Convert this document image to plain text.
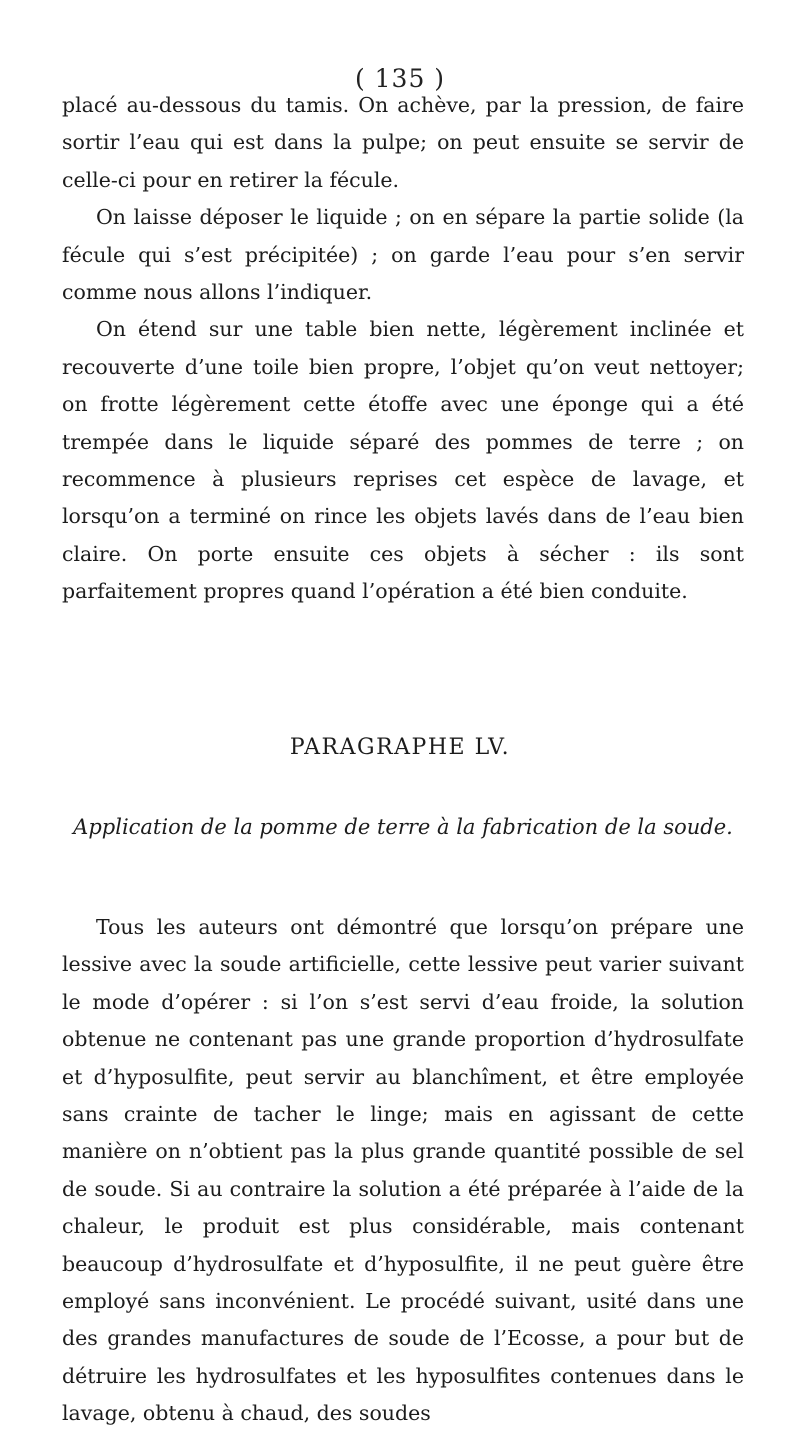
( 135 )

placé au-dessous du tamis. On achève, par la pression, de faire sortir l’eau qui est dans la pulpe; on peut ensuite se servir de celle-ci pour en retirer la fécule.

On laisse déposer le liquide ; on en sépare la partie solide (la fécule qui s’est précipitée) ; on garde l’eau pour s’en servir comme nous allons l’indiquer.

On étend sur une table bien nette, légèrement inclinée et recouverte d’une toile bien propre, l’objet qu’on veut nettoyer; on frotte légèrement cette étoffe avec une éponge qui a été trempée dans le liquide séparé des pommes de terre ; on recommence à plusieurs reprises cet espèce de lavage, et lorsqu’on a terminé on rince les objets lavés dans de l’eau bien claire. On porte ensuite ces objets à sécher : ils sont parfaitement propres quand l’opération a été bien conduite.

PARAGRAPHE LV.
Application de la pomme de terre à la fabrication de la soude.

Tous les auteurs ont démontré que lorsqu’on prépare une lessive avec la soude artificielle, cette lessive peut varier suivant le mode d’opérer : si l’on s’est servi d’eau froide, la solution obtenue ne contenant pas une grande proportion d’hydrosulfate et d’hyposulfite, peut servir au blanchîment, et être employée sans crainte de tacher le linge; mais en agissant de cette manière on n’obtient pas la plus grande quantité possible de sel de soude. Si au contraire la solution a été préparée à l’aide de la chaleur, le produit est plus considérable, mais contenant beaucoup d’hydrosulfate et d’hyposulfite, il ne peut guère être employé sans inconvénient. Le procédé suivant, usité dans une des grandes manufactures de soude de l’Ecosse, a pour but de détruire les hydrosulfates et les hyposulfites contenues dans le lavage, obtenu à chaud, des soudes
